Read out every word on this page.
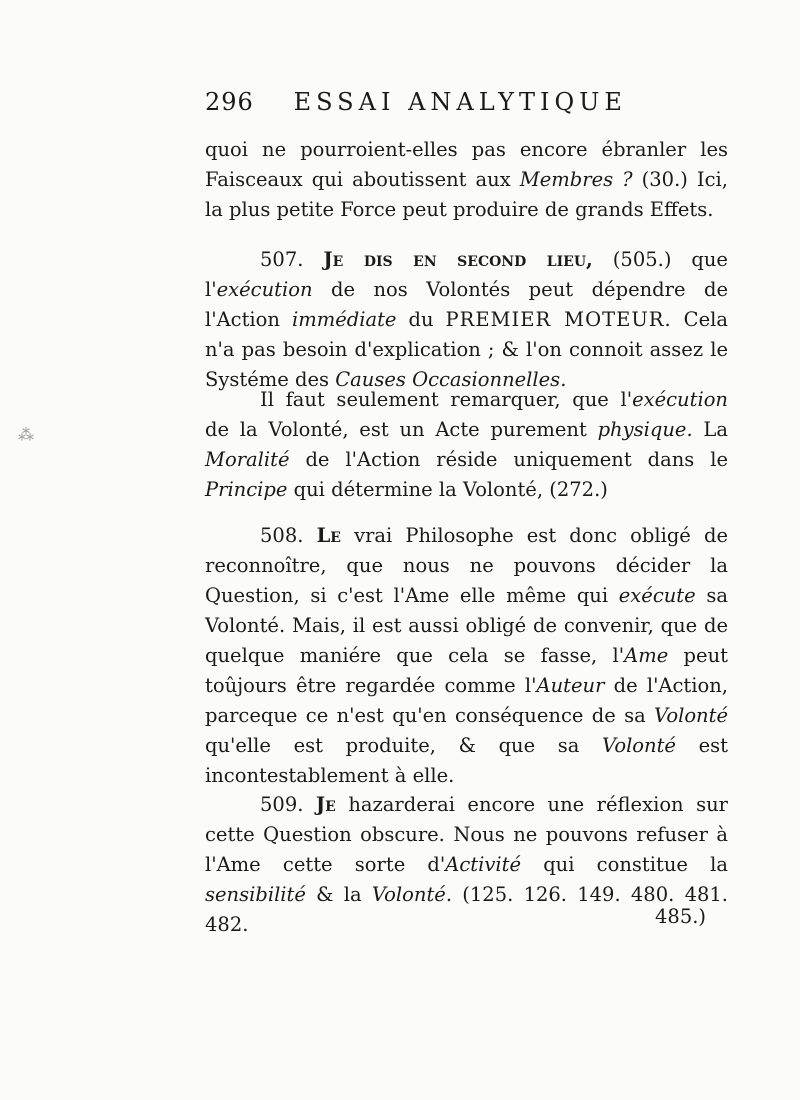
⁂
296 ESSAI ANALYTIQUE

quoi ne pourroient-elles pas encore ébranler les Faisceaux qui aboutissent aux Membres ? (30.) Ici, la plus petite Force peut produire de grands Effets.

507. Je dis en second lieu, (505.) que l'exécution de nos Volontés peut dépendre de l'Action immédiate du PREMIER MOTEUR. Cela n'a pas besoin d'explication ; & l'on connoit assez le Systéme des Causes Occasionnelles.

Il faut seulement remarquer, que l'exécution de la Volonté, est un Acte purement physique. La Moralité de l'Action réside uniquement dans le Principe qui détermine la Volonté, (272.)

508. Le vrai Philosophe est donc obligé de reconnoître, que nous ne pouvons décider la Question, si c'est l'Ame elle même qui exécute sa Volonté. Mais, il est aussi obligé de convenir, que de quelque maniére que cela se fasse, l'Ame peut toûjours être regardée comme l'Auteur de l'Action, parceque ce n'est qu'en conséquence de sa Volonté qu'elle est produite, & que sa Volonté est incontestablement à elle.

509. Je hazarderai encore une réflexion sur cette Question obscure. Nous ne pouvons refuser à l'Ame cette sorte d'Activité qui constitue la sensibilité & la Volonté. (125. 126. 149. 480. 481. 482.	485.)
